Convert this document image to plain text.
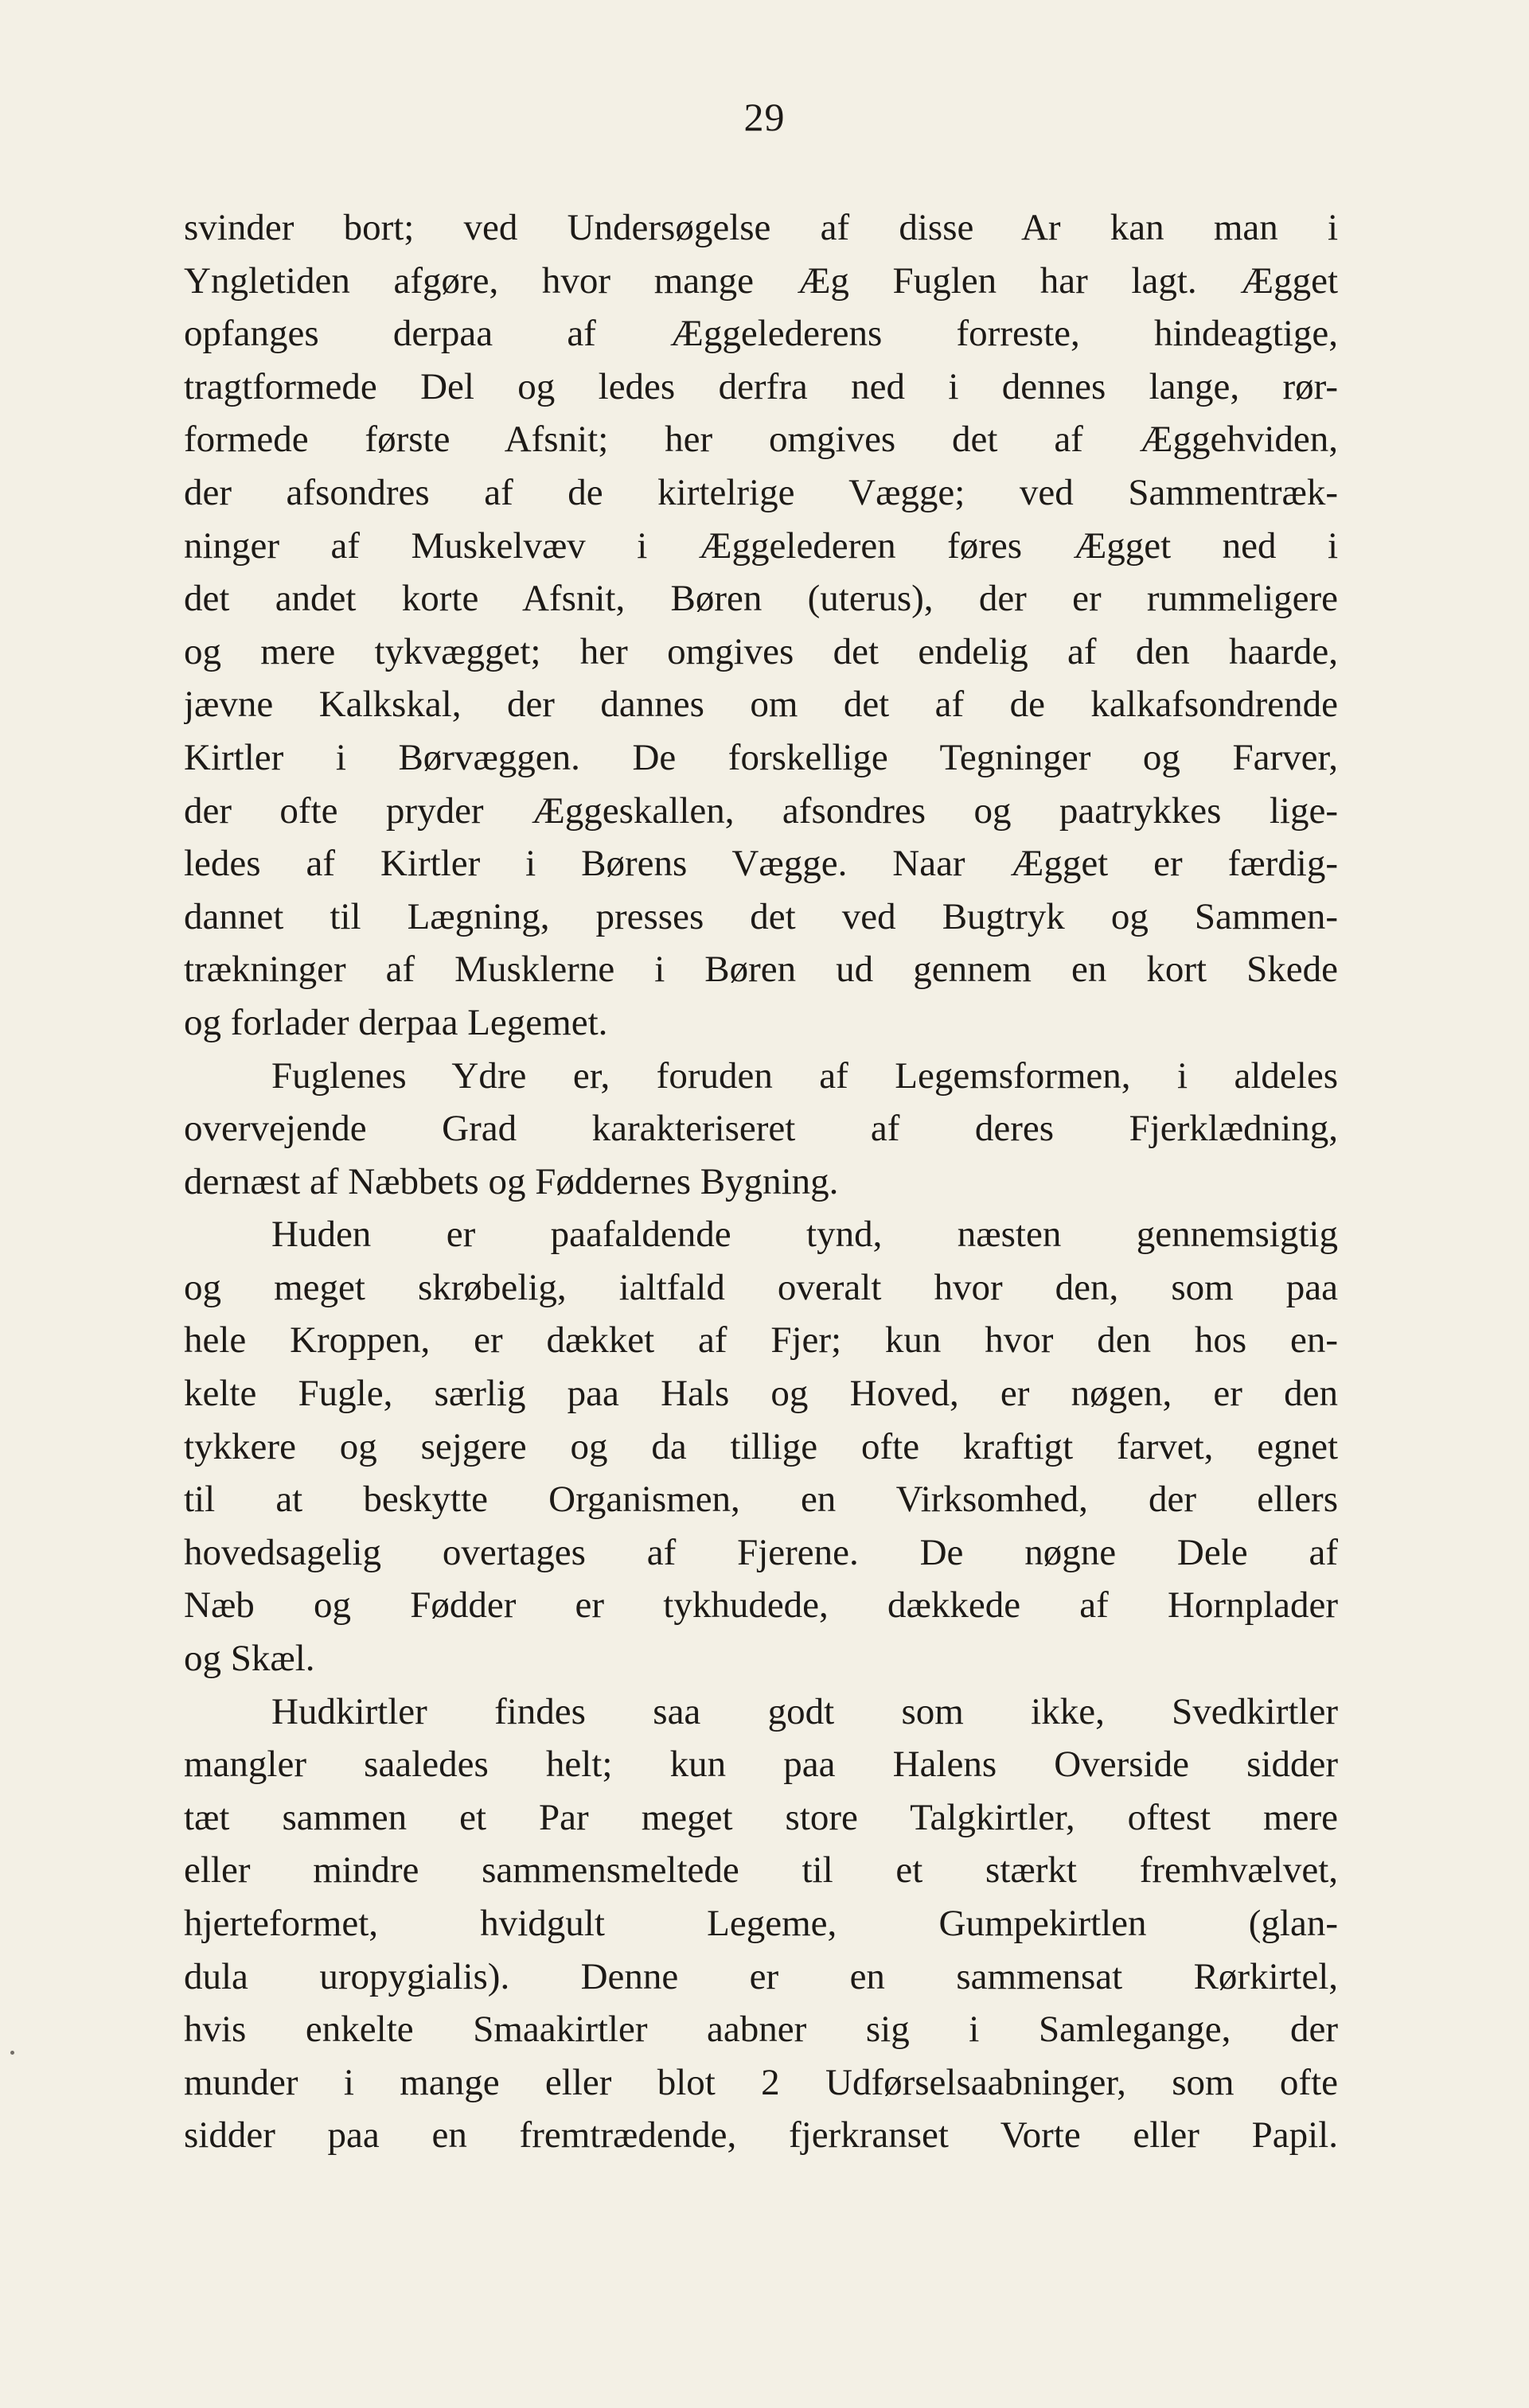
29
svinder bort; ved Undersøgelse af disse Ar kan man i
Yngletiden afgøre, hvor mange Æg Fuglen har lagt. Ægget
opfanges derpaa af Æggelederens forreste, hindeagtige,
tragtformede Del og ledes derfra ned i dennes lange, rør-
formede første Afsnit; her omgives det af Æggehviden,
der afsondres af de kirtelrige Vægge; ved Sammentræk-
ninger af Muskelvæv i Æggelederen føres Ægget ned i
det andet korte Afsnit, Børen (uterus), der er rummeligere
og mere tykvægget; her omgives det endelig af den haarde,
jævne Kalkskal, der dannes om det af de kalkafsondrende
Kirtler i Børvæggen. De forskellige Tegninger og Farver,
der ofte pryder Æggeskallen, afsondres og paatrykkes lige-
ledes af Kirtler i Børens Vægge. Naar Ægget er færdig-
dannet til Lægning, presses det ved Bugtryk og Sammen-
trækninger af Musklerne i Børen ud gennem en kort Skede
og forlader derpaa Legemet.
Fuglenes Ydre er, foruden af Legemsformen, i aldeles
overvejende Grad karakteriseret af deres Fjerklædning,
dernæst af Næbbets og Føddernes Bygning.
Huden er paafaldende tynd, næsten gennemsigtig
og meget skrøbelig, ialtfald overalt hvor den, som paa
hele Kroppen, er dækket af Fjer; kun hvor den hos en-
kelte Fugle, særlig paa Hals og Hoved, er nøgen, er den
tykkere og sejgere og da tillige ofte kraftigt farvet, egnet
til at beskytte Organismen, en Virksomhed, der ellers
hovedsagelig overtages af Fjerene. De nøgne Dele af
Næb og Fødder er tykhudede, dækkede af Hornplader
og Skæl.
Hudkirtler findes saa godt som ikke, Svedkirtler
mangler saaledes helt; kun paa Halens Overside sidder
tæt sammen et Par meget store Talgkirtler, oftest mere
eller mindre sammensmeltede til et stærkt fremhvælvet,
hjerteformet, hvidgult Legeme, Gumpekirtlen (glan-
dula uropygialis). Denne er en sammensat Rørkirtel,
hvis enkelte Smaakirtler aabner sig i Samlegange, der
munder i mange eller blot 2 Udførselsaabninger, som ofte
sidder paa en fremtrædende, fjerkranset Vorte eller Papil.
